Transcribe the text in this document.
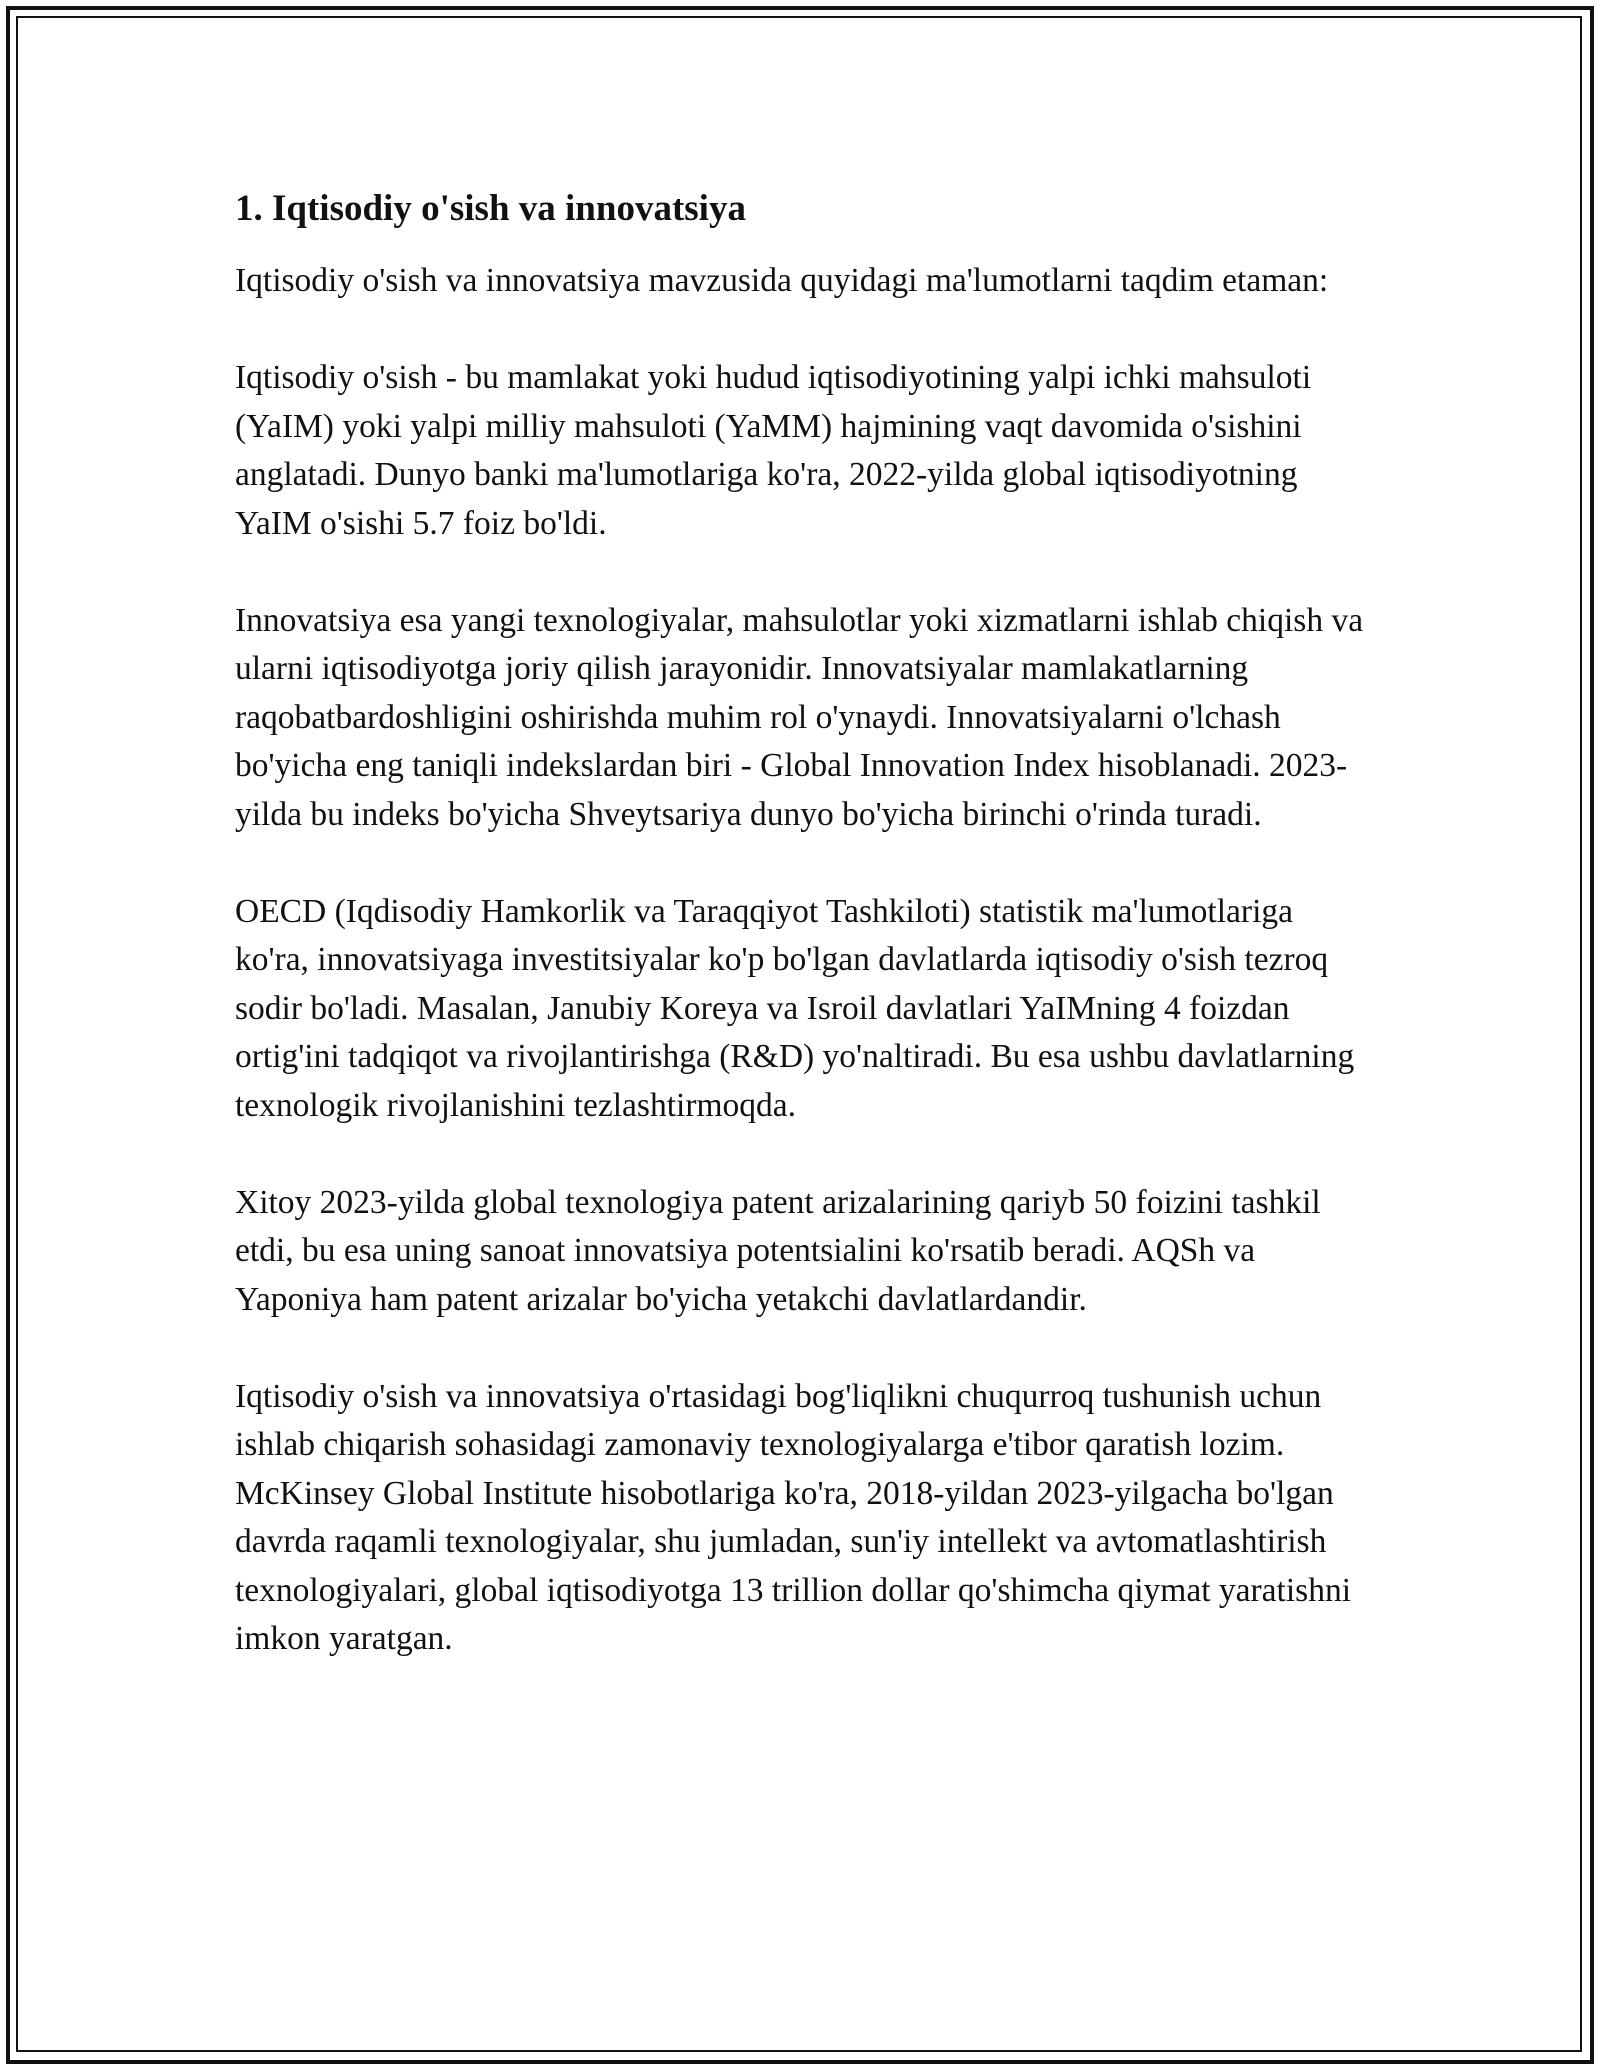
1. Iqtisodiy o'sish va innovatsiya

Iqtisodiy o'sish va innovatsiya mavzusida quyidagi ma'lumotlarni taqdim etaman:

Iqtisodiy o'sish - bu mamlakat yoki hudud iqtisodiyotining yalpi ichki mahsuloti (YaIM) yoki yalpi milliy mahsuloti (YaMM) hajmining vaqt davomida o'sishini anglatadi. Dunyo banki ma'lumotlariga ko'ra, 2022-yilda global iqtisodiyotning YaIM o'sishi 5.7 foiz bo'ldi.

Innovatsiya esa yangi texnologiyalar, mahsulotlar yoki xizmatlarni ishlab chiqish va ularni iqtisodiyotga joriy qilish jarayonidir. Innovatsiyalar mamlakatlarning raqobatbardoshligini oshirishda muhim rol o'ynaydi. Innovatsiyalarni o'lchash bo'yicha eng taniqli indekslardan biri - Global Innovation Index hisoblanadi. 2023-yilda bu indeks bo'yicha Shveytsariya dunyo bo'yicha birinchi o'rinda turadi.

OECD (Iqdisodiy Hamkorlik va Taraqqiyot Tashkiloti) statistik ma'lumotlariga ko'ra, innovatsiyaga investitsiyalar ko'p bo'lgan davlatlarda iqtisodiy o'sish tezroq sodir bo'ladi. Masalan, Janubiy Koreya va Isroil davlatlari YaIMning 4 foizdan ortig'ini tadqiqot va rivojlantirishga (R&D) yo'naltiradi. Bu esa ushbu davlatlarning texnologik rivojlanishini tezlashtirmoqda.

Xitoy 2023-yilda global texnologiya patent arizalarining qariyb 50 foizini tashkil etdi, bu esa uning sanoat innovatsiya potentsialini ko'rsatib beradi. AQSh va Yaponiya ham patent arizalar bo'yicha yetakchi davlatlardandir.

Iqtisodiy o'sish va innovatsiya o'rtasidagi bog'liqlikni chuqurroq tushunish uchun ishlab chiqarish sohasidagi zamonaviy texnologiyalarga e'tibor qaratish lozim. McKinsey Global Institute hisobotlariga ko'ra, 2018-yildan 2023-yilgacha bo'lgan davrda raqamli texnologiyalar, shu jumladan, sun'iy intellekt va avtomatlashtirish texnologiyalari, global iqtisodiyotga 13 trillion dollar qo'shimcha qiymat yaratishni imkon yaratgan.
